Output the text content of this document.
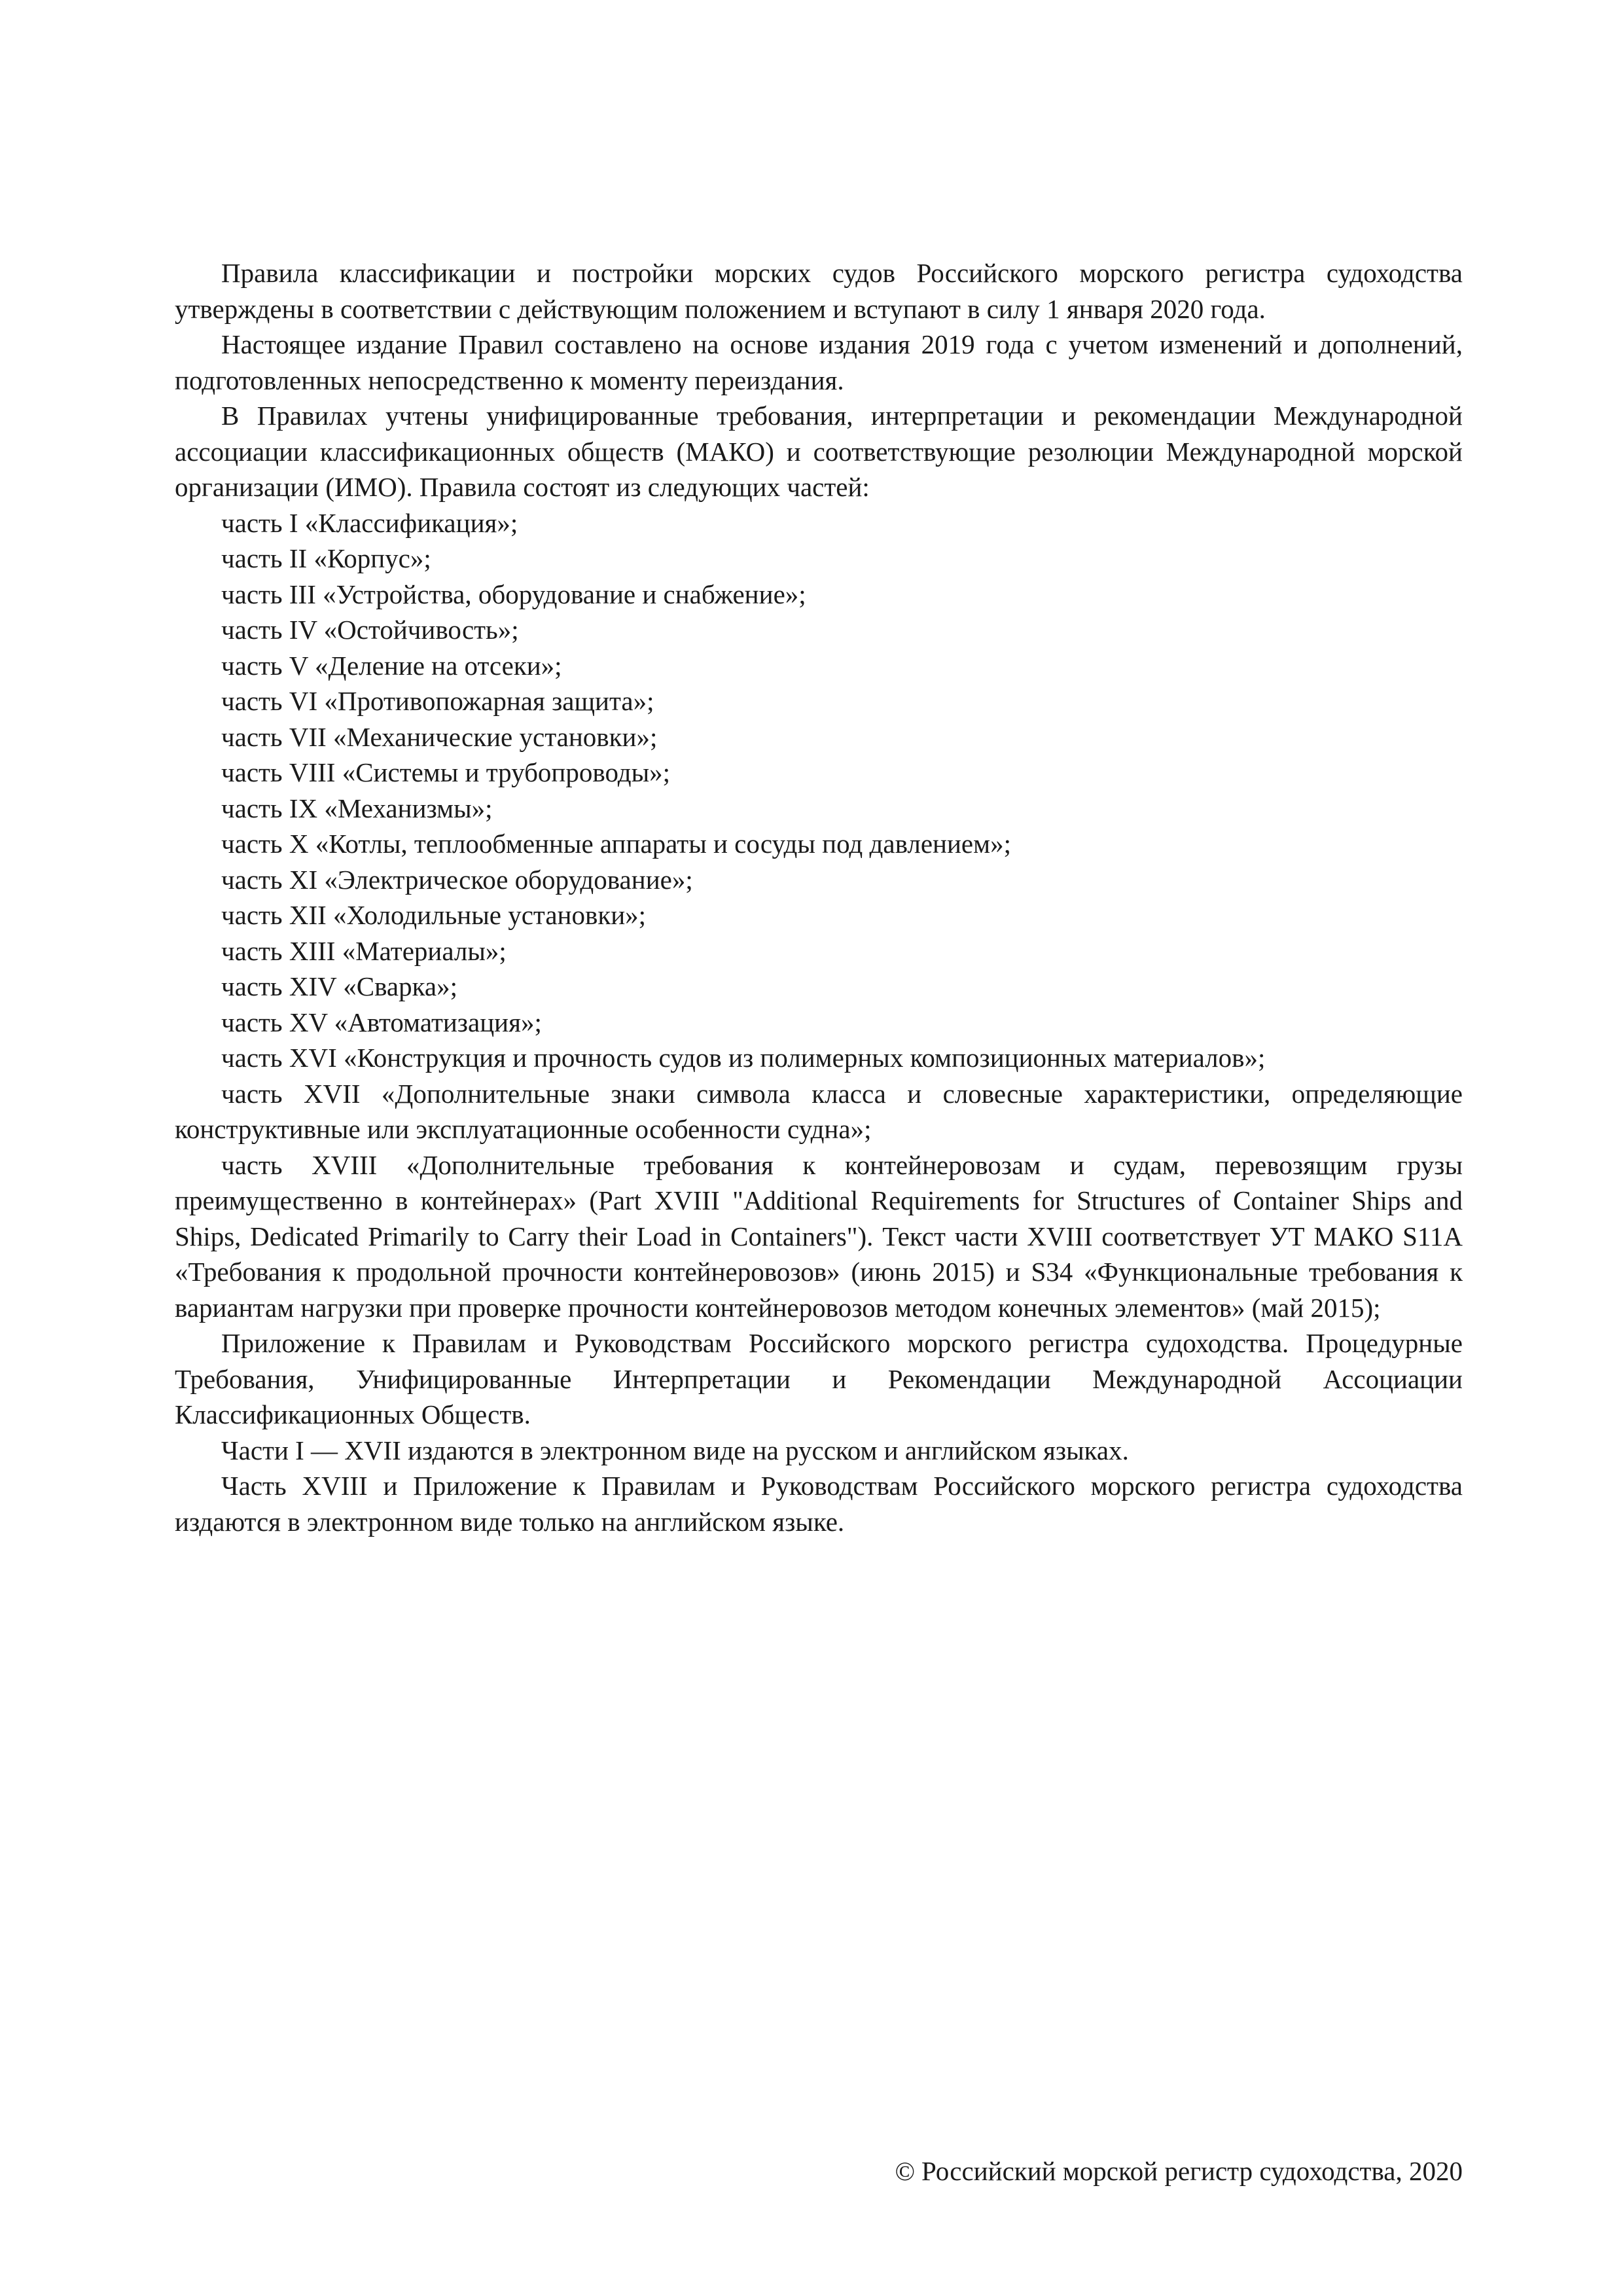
Правила классификации и постройки морских судов Российского морского регистра судоходства утверждены в соответствии с действующим положением и вступают в силу 1 января 2020 года.

Настоящее издание Правил составлено на основе издания 2019 года с учетом изменений и дополнений, подготовленных непосредственно к моменту переиздания.

В Правилах учтены унифицированные требования, интерпретации и рекомендации Международной ассоциации классификационных обществ (МАКО) и соответствующие резолюции Международной морской организации (ИМО). Правила состоят из следующих частей:

часть I «Классификация»;
часть II «Корпус»;
часть III «Устройства, оборудование и снабжение»;
часть IV «Остойчивость»;
часть V «Деление на отсеки»;
часть VI «Противопожарная защита»;
часть VII «Механические установки»;
часть VIII «Системы и трубопроводы»;
часть IX «Механизмы»;
часть X «Котлы, теплообменные аппараты и сосуды под давлением»;
часть XI «Электрическое оборудование»;
часть XII «Холодильные установки»;
часть XIII «Материалы»;
часть XIV «Сварка»;
часть XV «Автоматизация»;
часть XVI «Конструкция и прочность судов из полимерных композиционных материалов»;
часть XVII «Дополнительные знаки символа класса и словесные характеристики, определяющие конструктивные или эксплуатационные особенности судна»;
часть XVIII «Дополнительные требования к контейнеровозам и судам, перевозящим грузы преимущественно в контейнерах» (Part XVIII "Additional Requirements for Structures of Container Ships and Ships, Dedicated Primarily to Carry their Load in Containers"). Текст части XVIII соответствует УТ МАКО S11A «Требования к продольной прочности контейнеровозов» (июнь 2015) и S34 «Функциональные требования к вариантам нагрузки при проверке прочности контейнеровозов методом конечных элементов» (май 2015);

Приложение к Правилам и Руководствам Российского морского регистра судоходства. Процедурные Требования, Унифицированные Интерпретации и Рекомендации Международной Ассоциации Классификационных Обществ.

Части I — XVII издаются в электронном виде на русском и английском языках.

Часть XVIII и Приложение к Правилам и Руководствам Российского морского регистра судоходства издаются в электронном виде только на английском языке.

© Российский морской регистр судоходства, 2020
